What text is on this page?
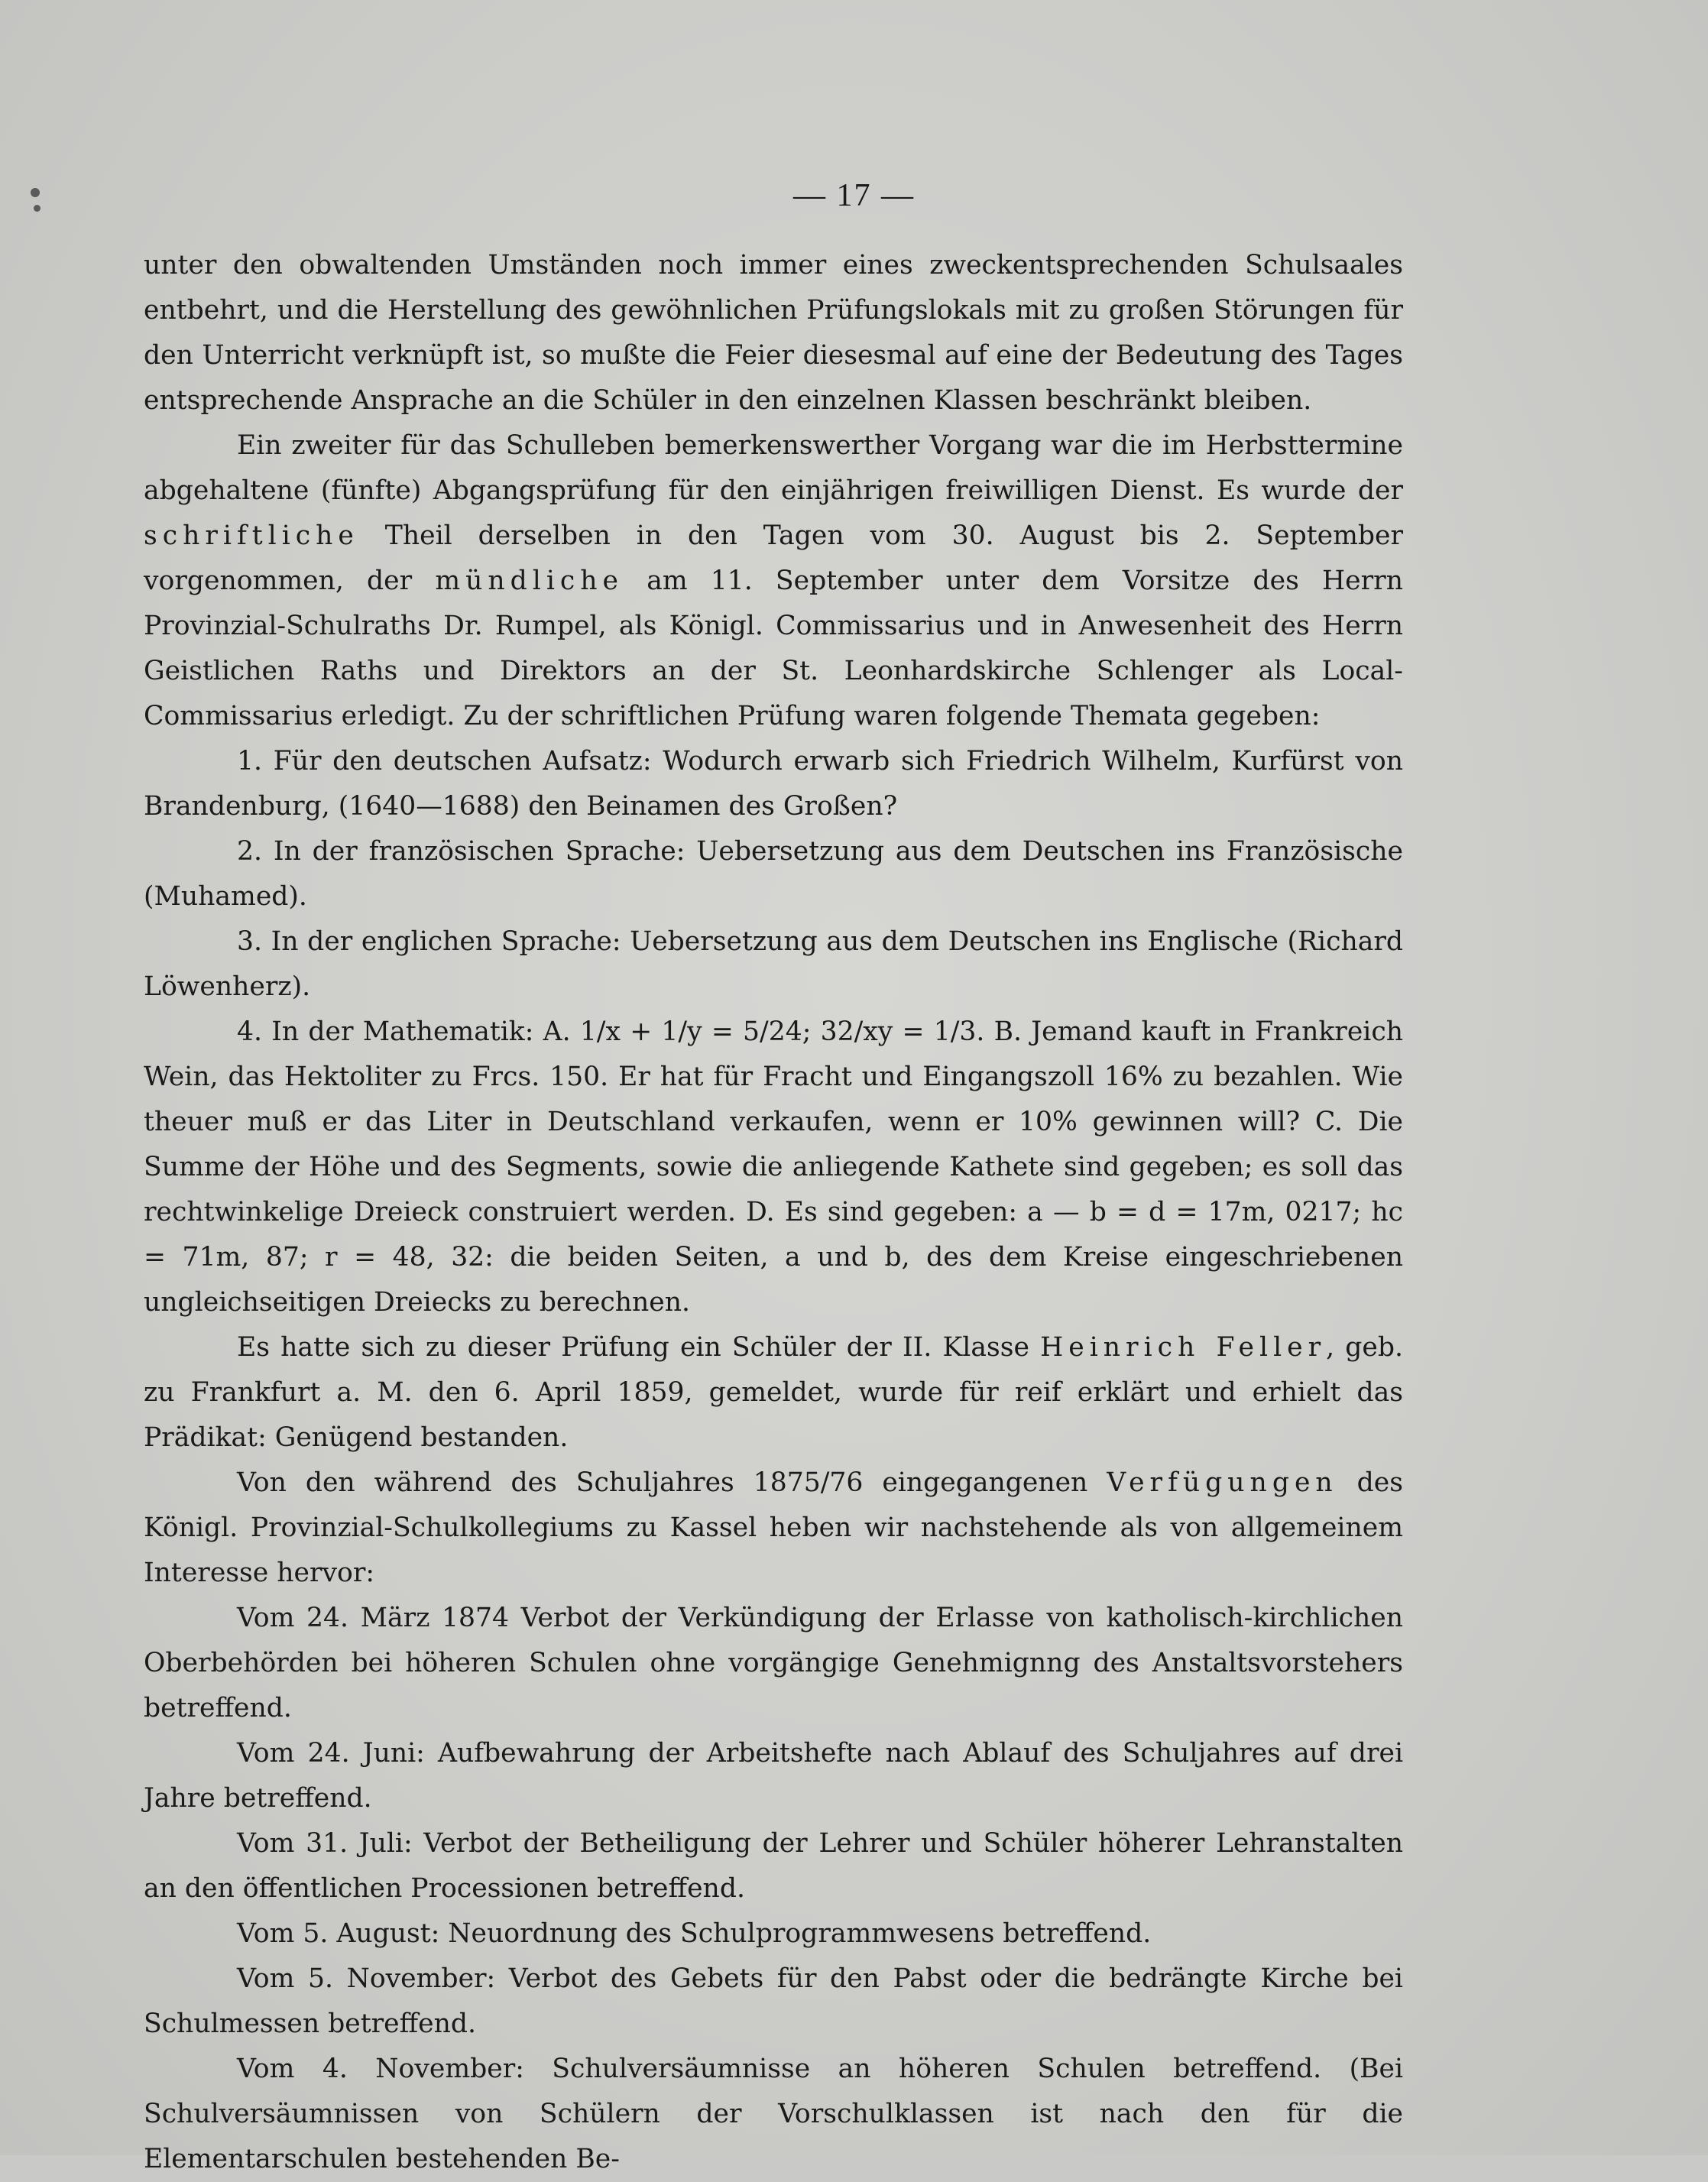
— 17 —

unter den obwaltenden Umständen noch immer eines zweckentsprechenden Schulsaales entbehrt, und die Herstellung des gewöhnlichen Prüfungslokals mit zu großen Störungen für den Unterricht verknüpft ist, so mußte die Feier diesesmal auf eine der Bedeutung des Tages entsprechende Ansprache an die Schüler in den einzelnen Klassen beschränkt bleiben.

Ein zweiter für das Schulleben bemerkenswerther Vorgang war die im Herbsttermine abgehaltene (fünfte) Abgangsprüfung für den einjährigen freiwilligen Dienst. Es wurde der schriftliche Theil derselben in den Tagen vom 30. August bis 2. September vorgenommen, der mündliche am 11. September unter dem Vorsitze des Herrn Provinzial-Schulraths Dr. Rumpel, als Königl. Commissarius und in Anwesenheit des Herrn Geistlichen Raths und Direktors an der St. Leonhardskirche Schlenger als Local-Commissarius erledigt. Zu der schriftlichen Prüfung waren folgende Themata gegeben:

1. Für den deutschen Aufsatz: Wodurch erwarb sich Friedrich Wilhelm, Kurfürst von Brandenburg, (1640—1688) den Beinamen des Großen?

2. In der französischen Sprache: Uebersetzung aus dem Deutschen ins Französische (Muhamed).

3. In der englichen Sprache: Uebersetzung aus dem Deutschen ins Englische (Richard Löwenherz).

4. In der Mathematik: A. 1/x + 1/y = 5/24; 32/xy = 1/3. B. Jemand kauft in Frankreich Wein, das Hektoliter zu Frcs. 150. Er hat für Fracht und Eingangszoll 16% zu bezahlen. Wie theuer muß er das Liter in Deutschland verkaufen, wenn er 10% gewinnen will? C. Die Summe der Höhe und des Segments, sowie die anliegende Kathete sind gegeben; es soll das rechtwinkelige Dreieck construiert werden. D. Es sind gegeben: a — b = d = 17m, 0217; hc = 71m, 87; r = 48, 32: die beiden Seiten, a und b, des dem Kreise eingeschriebenen ungleichseitigen Dreiecks zu berechnen.

Es hatte sich zu dieser Prüfung ein Schüler der II. Klasse Heinrich Feller, geb. zu Frankfurt a. M. den 6. April 1859, gemeldet, wurde für reif erklärt und erhielt das Prädikat: Genügend bestanden.

Von den während des Schuljahres 1875/76 eingegangenen Verfügungen des Königl. Provinzial-Schulkollegiums zu Kassel heben wir nachstehende als von allgemeinem Interesse hervor:

Vom 24. März 1874 Verbot der Verkündigung der Erlasse von katholisch-kirchlichen Oberbehörden bei höheren Schulen ohne vorgängige Genehmignng des Anstaltsvorstehers betreffend.

Vom 24. Juni: Aufbewahrung der Arbeitshefte nach Ablauf des Schuljahres auf drei Jahre betreffend.

Vom 31. Juli: Verbot der Betheiligung der Lehrer und Schüler höherer Lehranstalten an den öffentlichen Processionen betreffend.

Vom 5. August: Neuordnung des Schulprogrammwesens betreffend.

Vom 5. November: Verbot des Gebets für den Pabst oder die bedrängte Kirche bei Schulmessen betreffend.

Vom 4. November: Schulversäumnisse an höheren Schulen betreffend. (Bei Schulversäumnissen von Schülern der Vorschulklassen ist nach den für die Elementarschulen bestehenden Be-
